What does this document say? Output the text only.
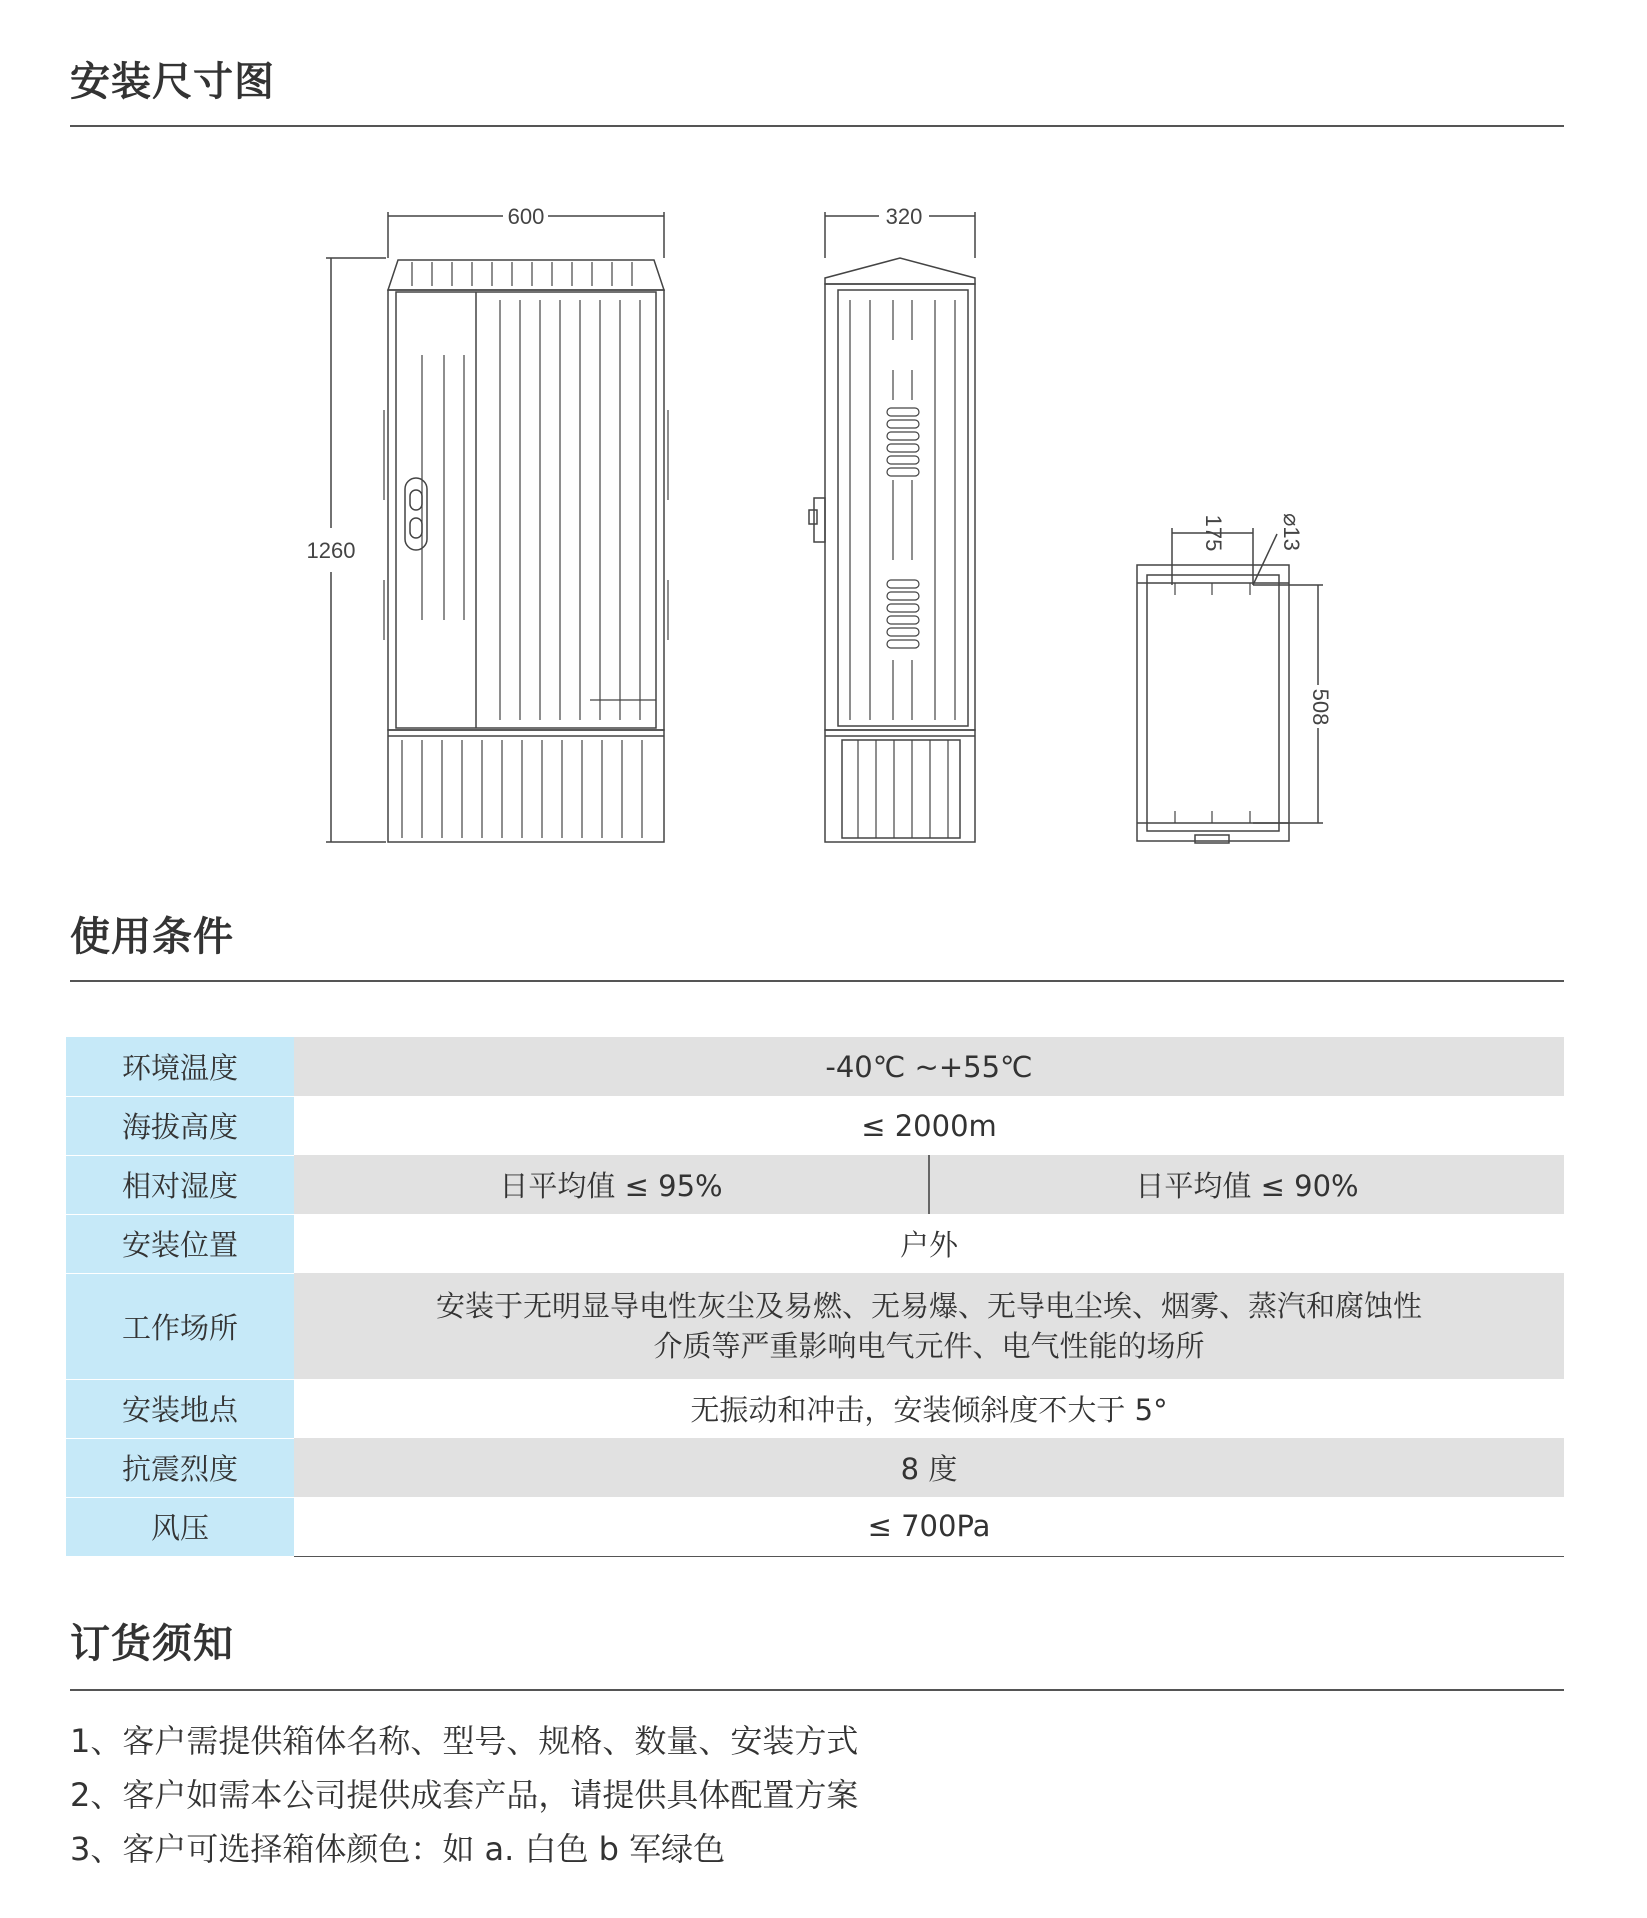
安装尺寸图
600
1260
320
175 ⌀13
508
使用条件
环境温度	-40℃ ~+55℃	
海拔高度	≤ 2000m	
相对湿度	日平均值 ≤ 95%	日平均值 ≤ 90%
安装位置	户外	
工作场所	安装于无明显导电性灰尘及易燃、无易爆、无导电尘埃、烟雾、蒸汽和腐蚀性
介质等严重影响电气元件、电气性能的场所	

安装地点	无振动和冲击，安装倾斜度不大于 5°	
抗震烈度	8 度	
风压	≤ 700Pa	
订货须知
1、客户需提供箱体名称、型号、规格、数量、安装方式
2、客户如需本公司提供成套产品，请提供具体配置方案
3、客户可选择箱体颜色：如 a. 白色 b 军绿色
